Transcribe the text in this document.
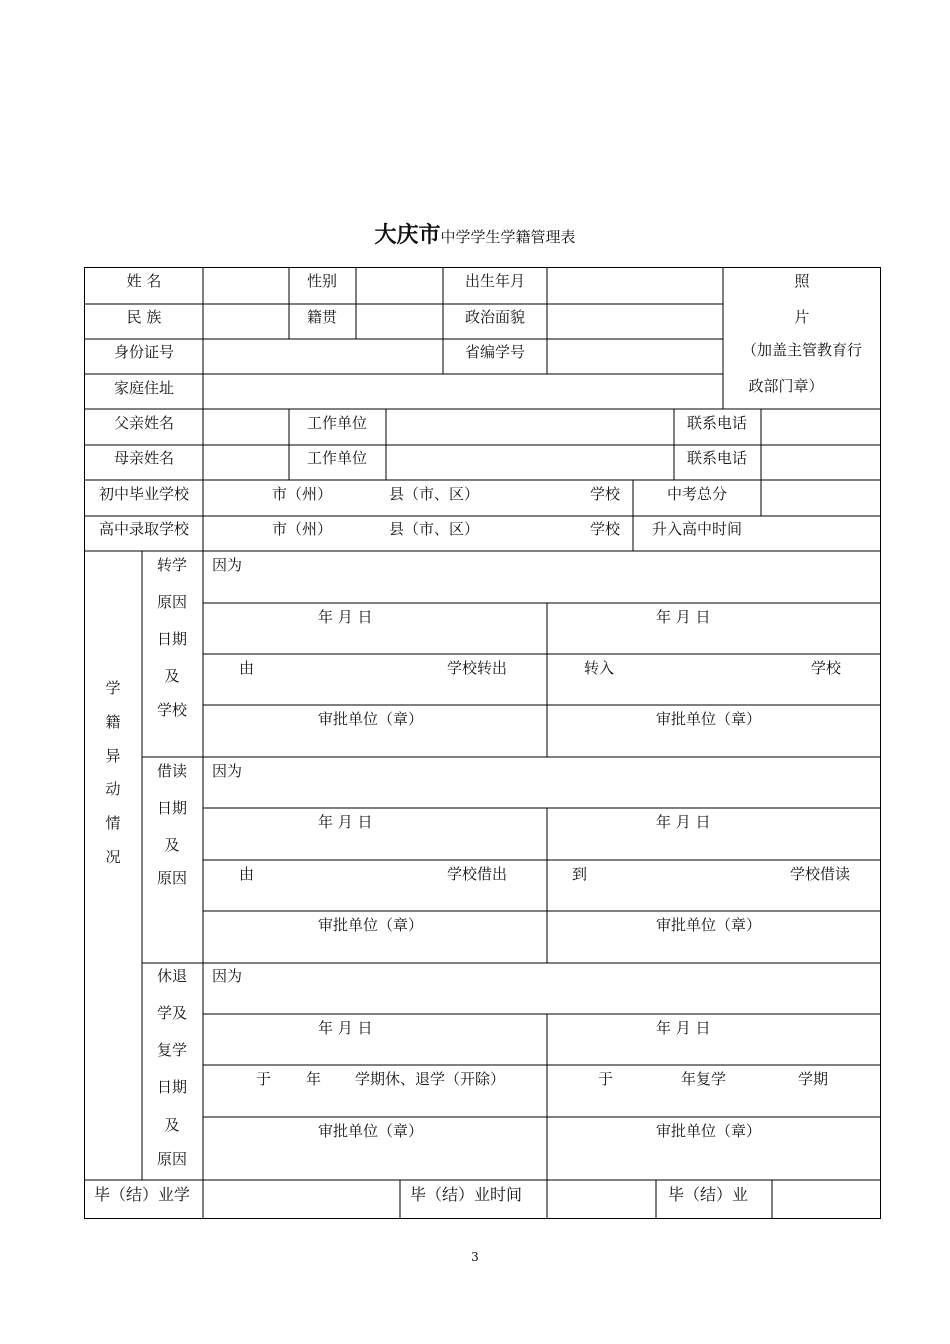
大庆市中学学生学籍管理表
姓 名	性别	出生年月
民 族	籍贯	政治面貌
身份证号	省编学号
家庭住址
照
片
（加盖主管教育行
政部门章）
父亲姓名	工作单位	联系电话
母亲姓名	工作单位	联系电话
初中毕业学校	市（州）	县（市、区）	学校	中考总分
高中录取学校	市（州）	县（市、区）	学校 升入高中时间
学
籍
异
动
情
况
转学
原因
日期
及
学校
因为
年 月 日	年 月 日
由	学校转出	转入	学校
审批单位（章）	审批单位（章）
借读
日期
及
原因
因为
年 月 日	年 月 日
由	学校借出	到	学校借读
审批单位（章）	审批单位（章）
休退
学及
复学
日期
及
原因
因为
年 月 日	年 月 日
于 年 学期休、退学（开除）	于	年复学	学期
审批单位（章）	审批单位（章）
毕（结）业学	毕（结）业时间	毕（结）业
3
